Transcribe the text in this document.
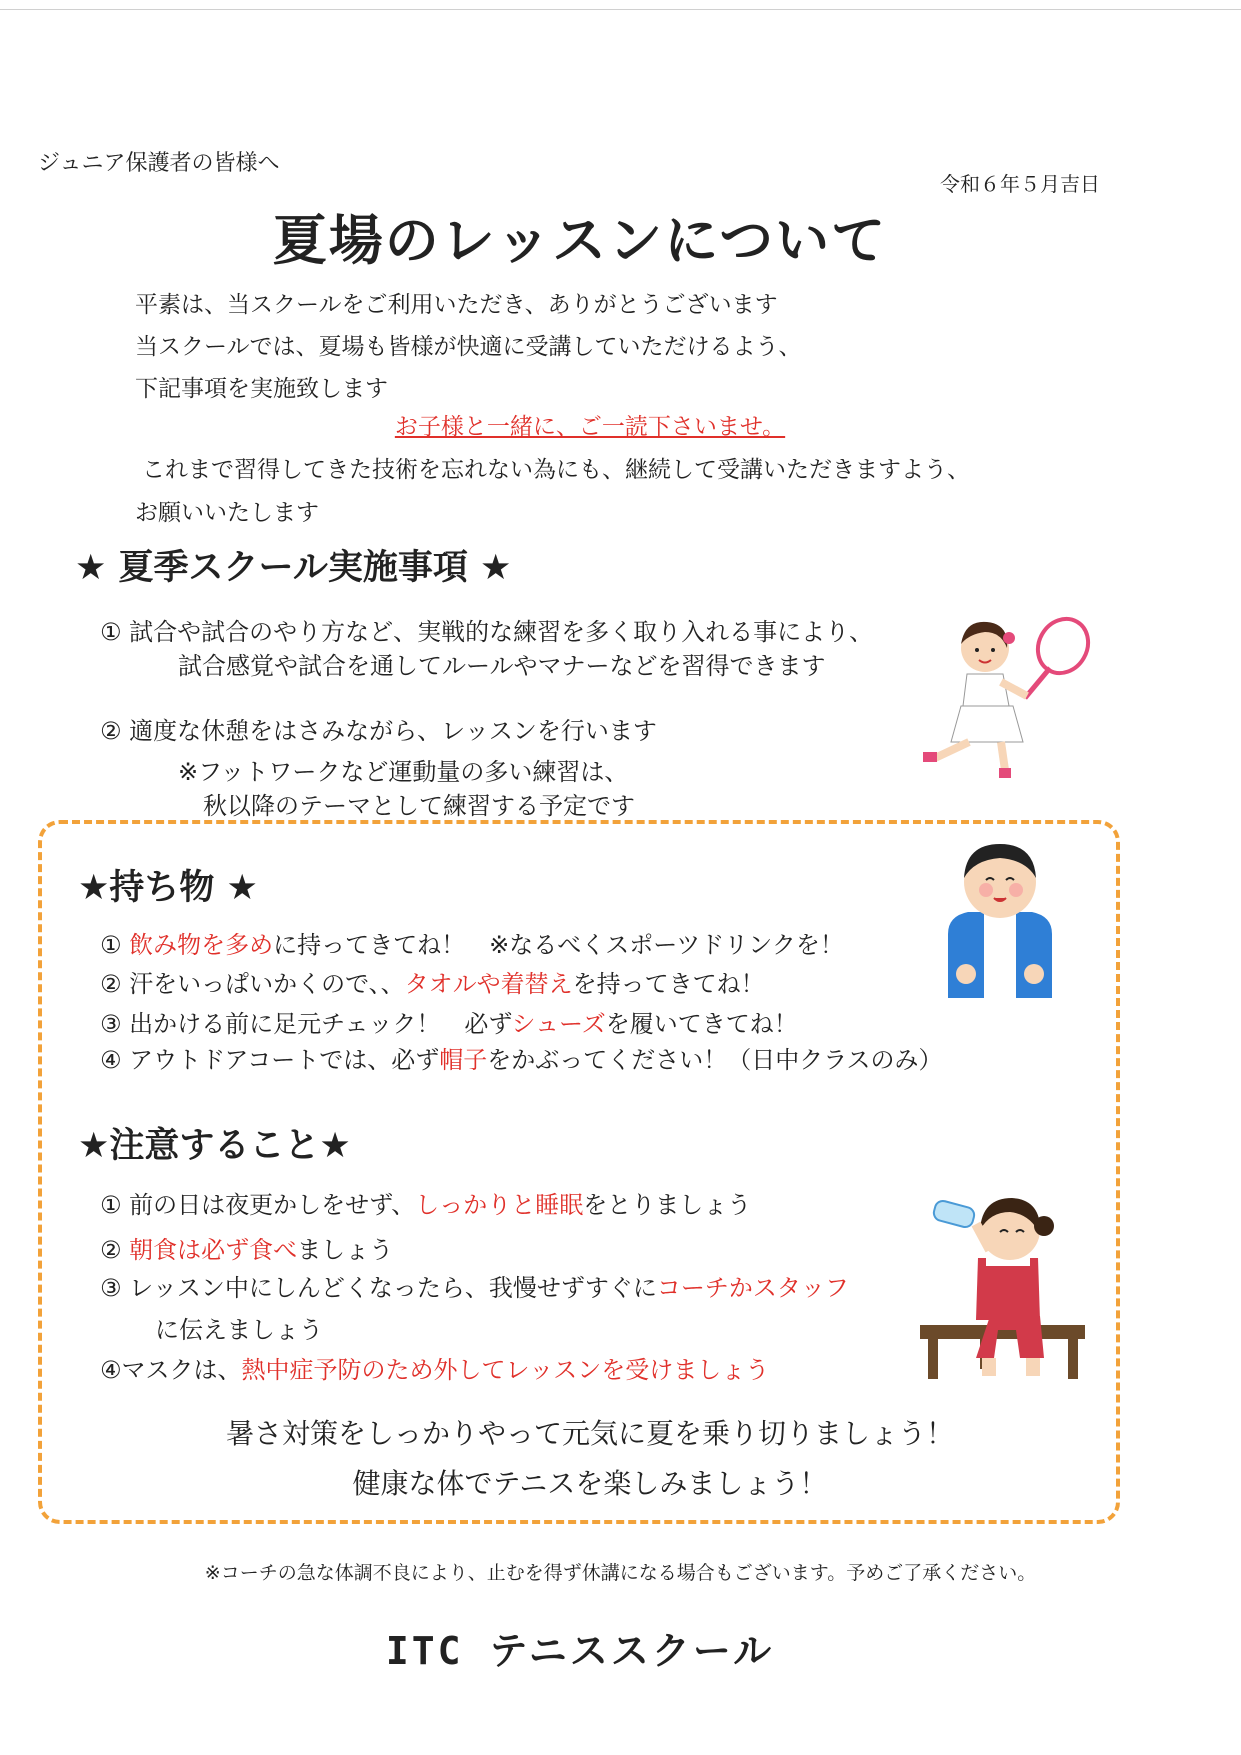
ジュニア保護者の皆様へ
令和６年５月吉日
夏場のレッスンについて
平素は、当スクールをご利用いただき、ありがとうございます
当スクールでは、夏場も皆様が快適に受講していただけるよう、
下記事項を実施致します
お子様と一緒に、ご一読下さいませ。
これまで習得してきた技術を忘れない為にも、継続して受講いただきますよう、
お願いいたします
★ 夏季スクール実施事項 ★
① 試合や試合のやり方など、実戦的な練習を多く取り入れる事により、
試合感覚や試合を通してルールやマナーなどを習得できます
② 適度な休憩をはさみながら、レッスンを行います
※フットワークなど運動量の多い練習は、
秋以降のテーマとして練習する予定です
★持ち物 ★
① 飲み物を多めに持ってきてね！　※なるべくスポーツドリンクを！
② 汗をいっぱいかくので、、タオルや着替えを持ってきてね！
③ 出かける前に足元チェック！　必ずシューズを履いてきてね！
④ アウトドアコートでは、必ず帽子をかぶってください！（日中クラスのみ）
★注意すること★
① 前の日は夜更かしをせず、しっかりと睡眠をとりましょう
② 朝食は必ず食べましょう
③ レッスン中にしんどくなったら、我慢せずすぐにコーチかスタッフ
に伝えましょう
④マスクは、熱中症予防のため外してレッスンを受けましょう
暑さ対策をしっかりやって元気に夏を乗り切りましょう！
健康な体でテニスを楽しみましょう！
※コーチの急な体調不良により、止むを得ず休講になる場合もございます。予めご了承ください。
ITC テニススクール
